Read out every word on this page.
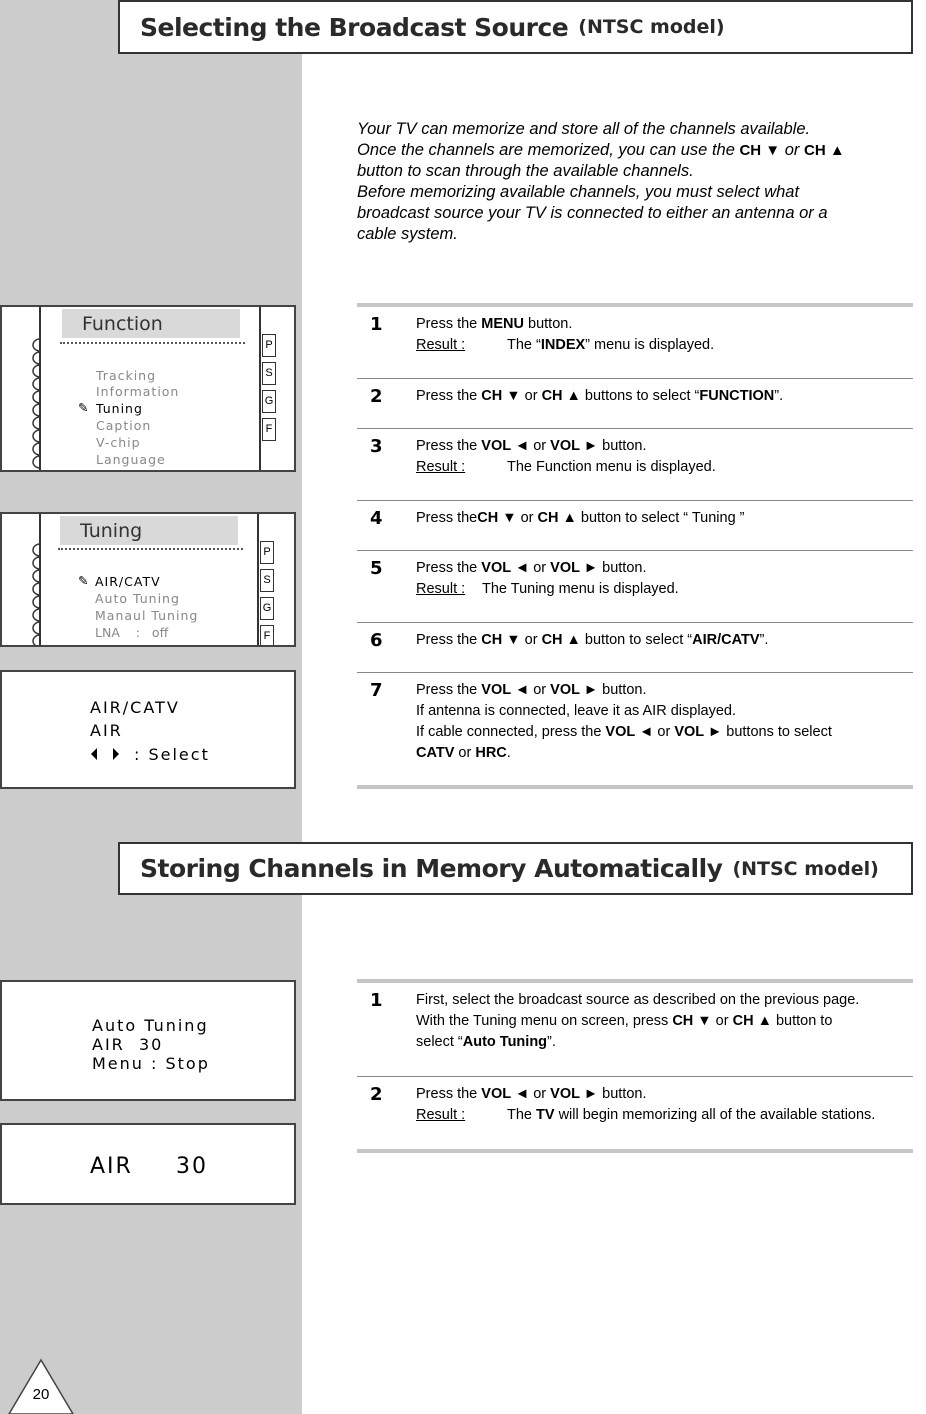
Selecting the Broadcast Source (NTSC model)

Your TV can memorize and store all of the channels available.

Once the channels are memorized, you can use the CH ▼ or CH ▲

button to scan through the available channels.

Before memorizing available channels, you must select what

broadcast source your TV is connected to either an antenna or a

cable system.

Function
Tracking
Information
✎ Tuning
Caption
V-chip
Language
P
S
G
F
Tuning
✎ AIR/CATV
Auto Tuning
Manaul Tuning
LNA : off
P
S
G
F
AIR/CATV
AIR
: Select
1 Press the MENU button.
Result :	The “INDEX” menu is displayed.
2 Press the CH ▼ or CH ▲ buttons to select “FUNCTION”.
3 Press the VOL ◄ or VOL ► button.
Result :	The Function menu is displayed.
4 Press theCH ▼ or CH ▲ button to select “ Tuning ”
5 Press the VOL ◄ or VOL ► button.
Result : The Tuning menu is displayed.
6 Press the CH ▼ or CH ▲ button to select “AIR/CATV”.
7 Press the VOL ◄ or VOL ► button.
If antenna is connected, leave it as AIR displayed.
If cable connected, press the VOL ◄ or VOL ► buttons to select
CATV or HRC.
Storing Channels in Memory Automatically (NTSC model)
Auto Tuning
AIR  30
Menu : Stop
AIR 30
1 First, select the broadcast source as described on the previous page.
With the Tuning menu on screen, press CH ▼ or CH ▲ button to
select “Auto Tuning”.
2 Press the VOL ◄ or VOL ► button.
Result :	The TV will begin memorizing all of the available stations.
20
